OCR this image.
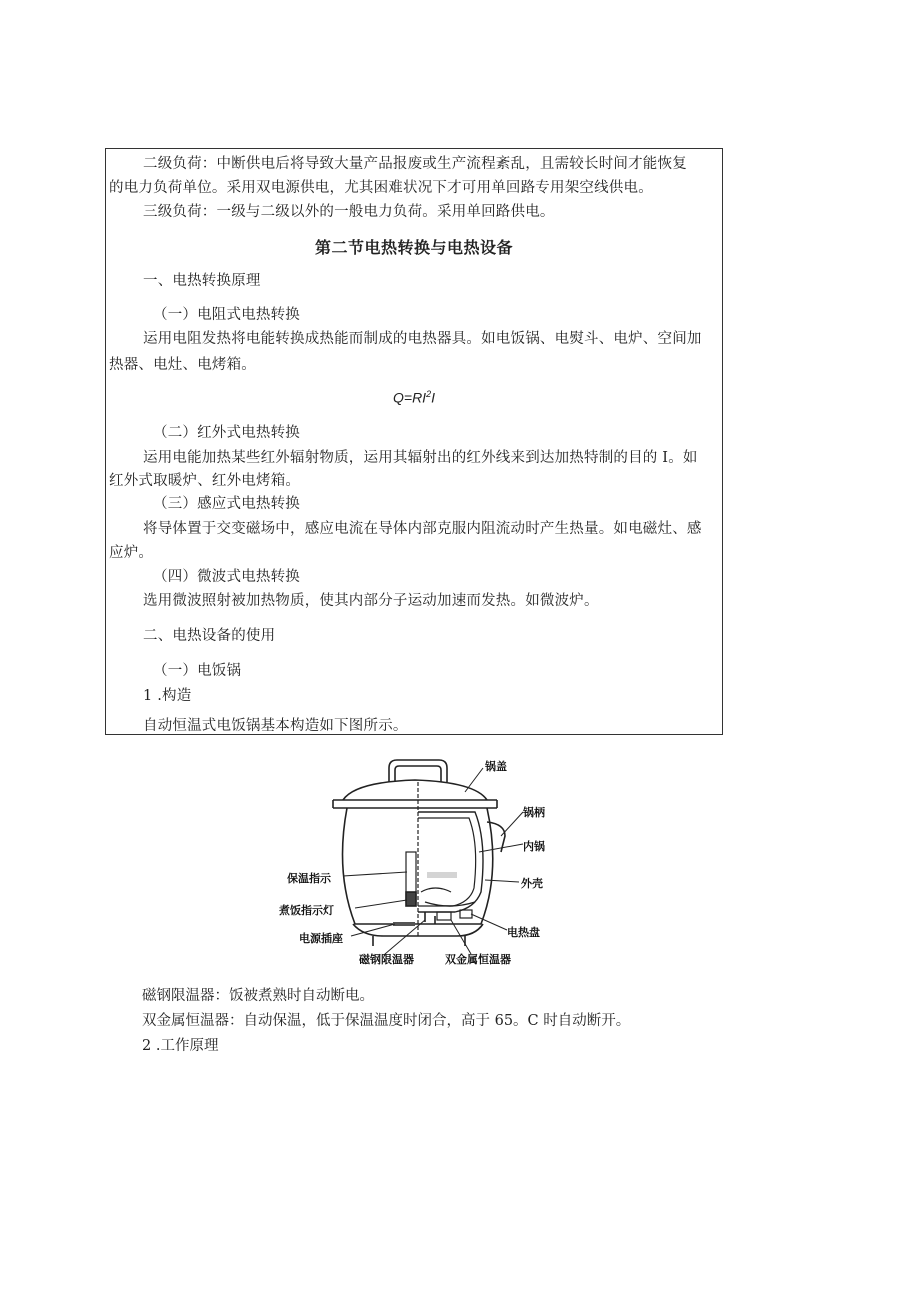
二级负荷：中断供电后将导致大量产品报废或生产流程紊乱，且需较长时间才能恢复
的电力负荷单位。采用双电源供电，尤其困难状况下才可用单回路专用架空线供电。
三级负荷：一级与二级以外的一般电力负荷。采用单回路供电。
第二节电热转换与电热设备
一、电热转换原理
（一）电阻式电热转换
运用电阻发热将电能转换成热能而制成的电热器具。如电饭锅、电熨斗、电炉、空间加
热器、电灶、电烤箱。
$Q=RI^2I$
（二）红外式电热转换
运用电能加热某些红外辐射物质，运用其辐射出的红外线来到达加热特制的目的 I。如
红外式取暖炉、红外电烤箱。
（三）感应式电热转换
将导体置于交变磁场中，感应电流在导体内部克服内阻流动时产生热量。如电磁灶、感
应炉。
（四）微波式电热转换
选用微波照射被加热物质，使其内部分子运动加速而发热。如微波炉。
二、电热设备的使用
（一）电饭锅
1 .构造
自动恒温式电饭锅基本构造如下图所示。
锅盖
锅柄
内锅
外壳
电热盘
保温指示
煮饭指示灯
电源插座
磁钢限温器	双金属恒温器
磁钢限温器：饭被煮熟时自动断电。
双金属恒温器：自动保温，低于保温温度时闭合，高于 65。C 时自动断开。
2 .工作原理
